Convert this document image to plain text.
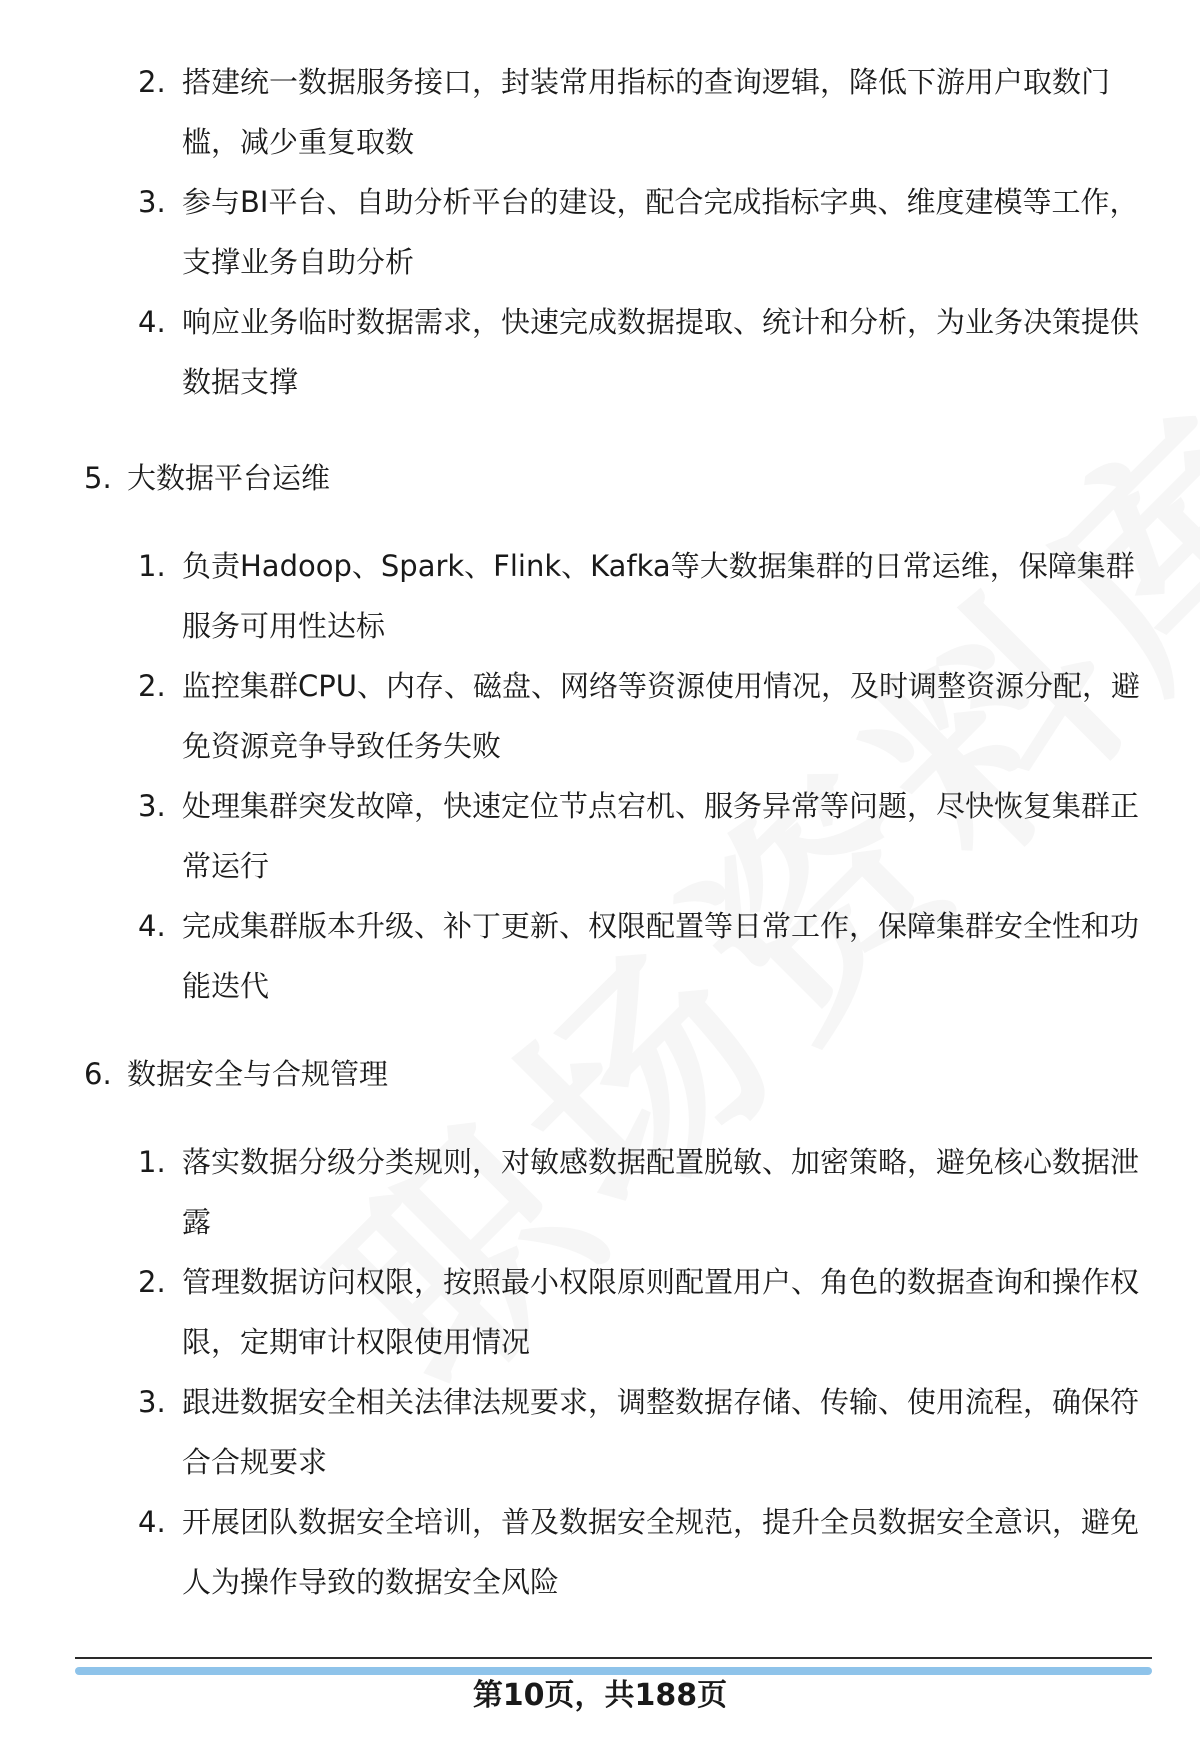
2. 搭建统一数据服务接口，封装常用指标的查询逻辑，降低下游用户取数门槛，减少重复取数
3. 参与BI平台、自助分析平台的建设，配合完成指标字典、维度建模等工作，支撑业务自助分析
4. 响应业务临时数据需求，快速完成数据提取、统计和分析，为业务决策提供数据支撑
5. 大数据平台运维
1. 负责Hadoop、Spark、Flink、Kafka等大数据集群的日常运维，保障集群服务可用性达标
2. 监控集群CPU、内存、磁盘、网络等资源使用情况，及时调整资源分配，避免资源竞争导致任务失败
3. 处理集群突发故障，快速定位节点宕机、服务异常等问题，尽快恢复集群正常运行
4. 完成集群版本升级、补丁更新、权限配置等日常工作，保障集群安全性和功能迭代
6. 数据安全与合规管理
1. 落实数据分级分类规则，对敏感数据配置脱敏、加密策略，避免核心数据泄露
2. 管理数据访问权限，按照最小权限原则配置用户、角色的数据查询和操作权限，定期审计权限使用情况
3. 跟进数据安全相关法律法规要求，调整数据存储、传输、使用流程，确保符合合规要求
4. 开展团队数据安全培训，普及数据安全规范，提升全员数据安全意识，避免人为操作导致的数据安全风险
第10页，共188页
